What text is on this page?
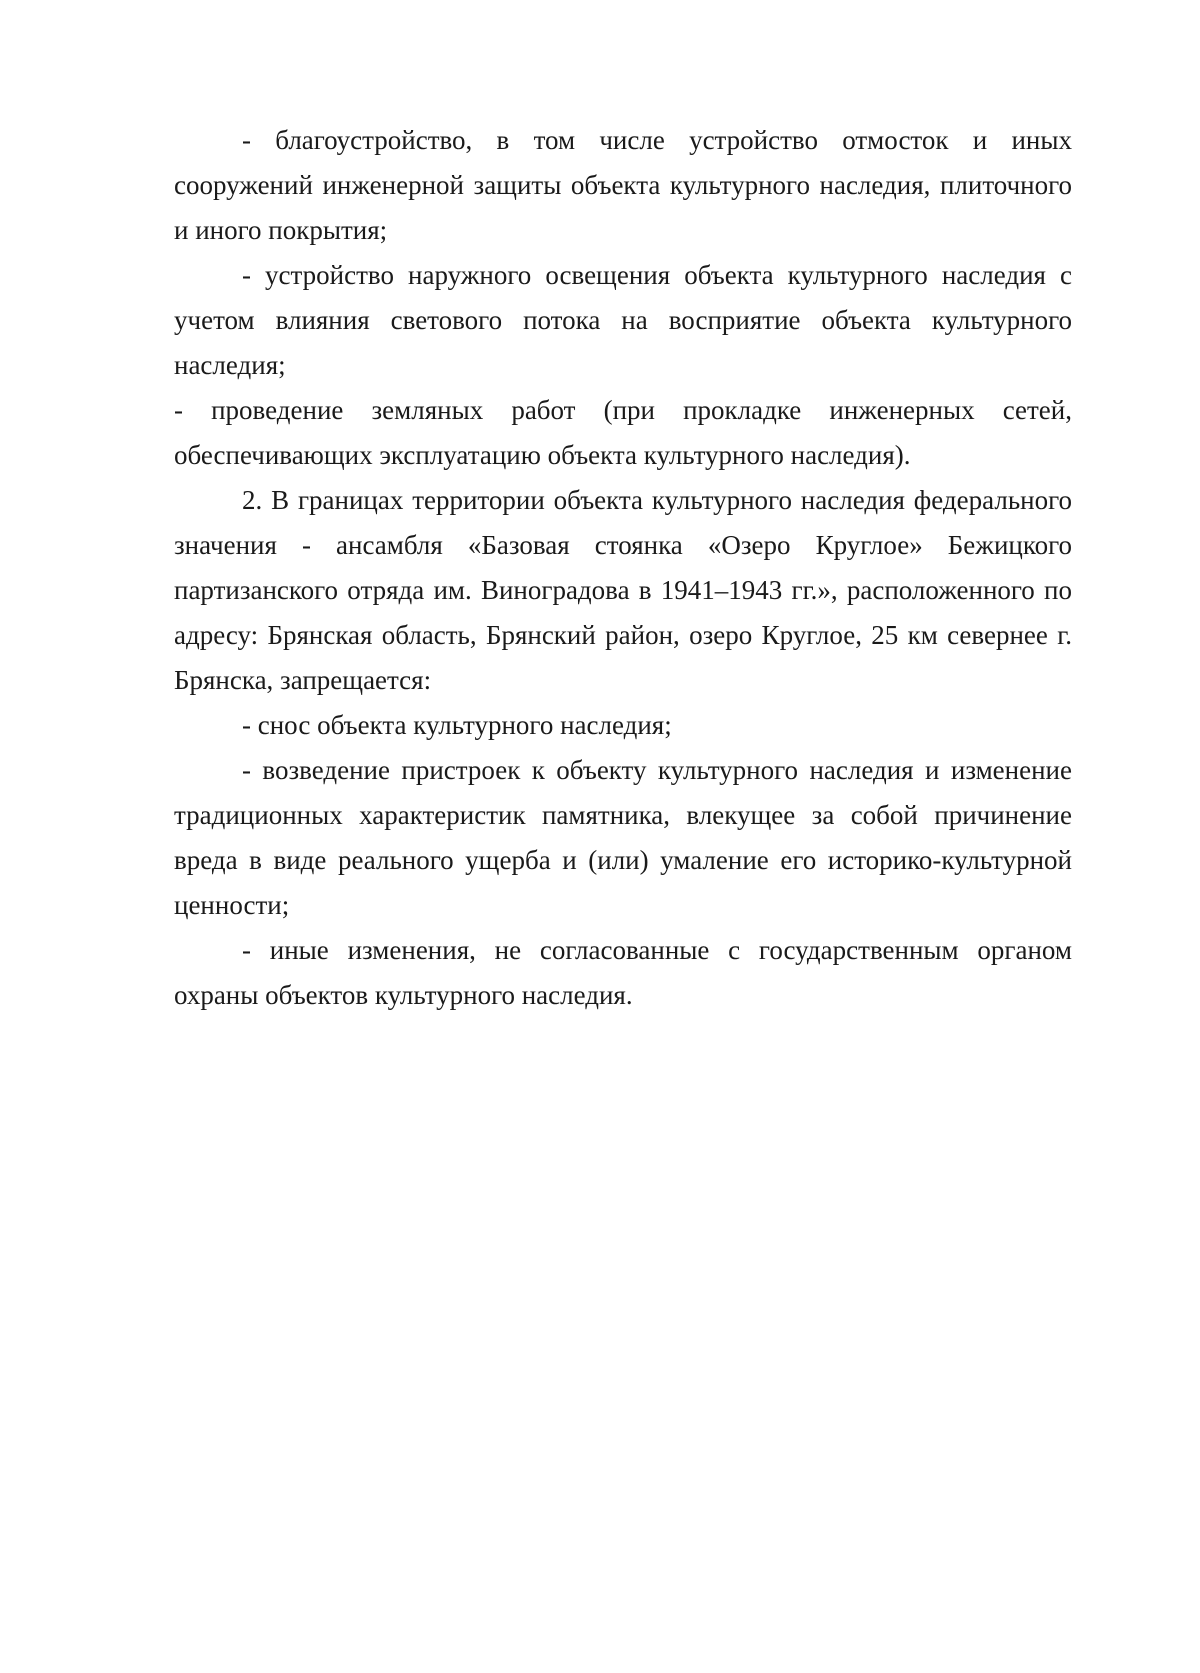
- благоустройство, в том числе устройство отмосток и иных сооружений инженерной защиты объекта культурного наследия, плиточного и иного покрытия;

- устройство наружного освещения объекта культурного наследия с учетом влияния светового потока на восприятие объекта культурного наследия;

- проведение земляных работ (при прокладке инженерных сетей, обеспечивающих эксплуатацию объекта культурного наследия).

2. В границах территории объекта культурного наследия федерального значения - ансамбля «Базовая стоянка «Озеро Круглое» Бежицкого партизанского отряда им. Виноградова в 1941–1943 гг.», расположенного по адресу: Брянская область, Брянский район, озеро Круглое, 25 км севернее г. Брянска, запрещается:

- снос объекта культурного наследия;

- возведение пристроек к объекту культурного наследия и изменение традиционных характеристик памятника, влекущее за собой причинение вреда в виде реального ущерба и (или) умаление его историко-культурной ценности;

- иные изменения, не согласованные с государственным органом охраны объектов культурного наследия.
